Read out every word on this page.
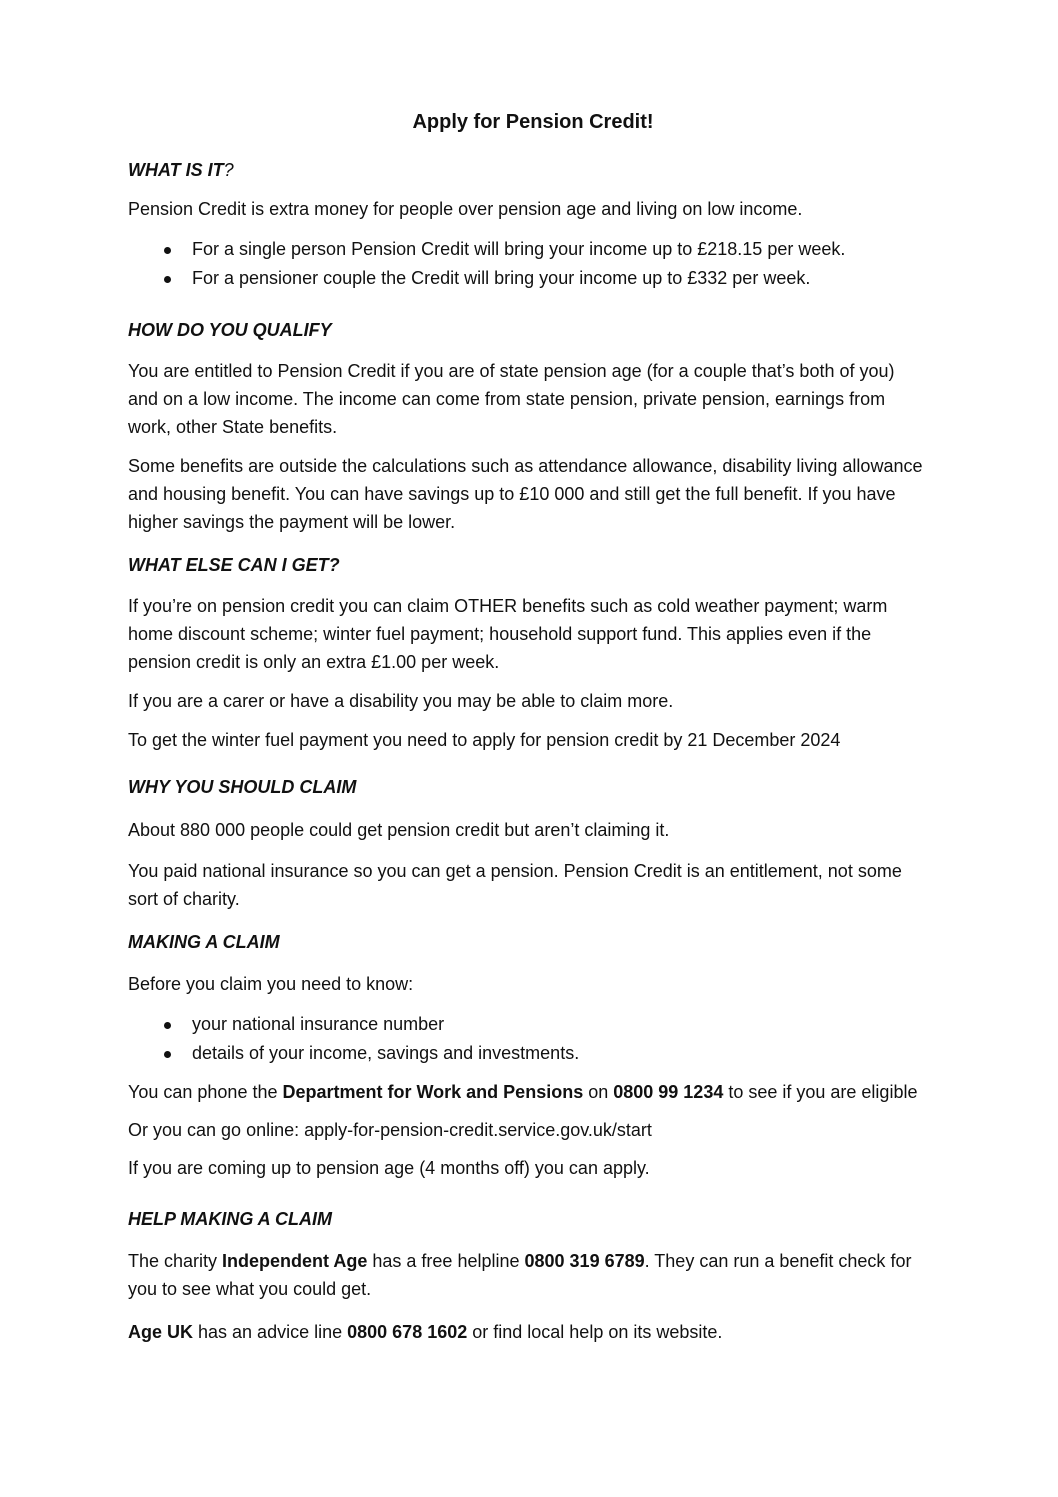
Apply for Pension Credit!
WHAT IS IT?

Pension Credit is extra money for people over pension age and living on low income.

For a single person Pension Credit will bring your income up to £218.15 per week.
For a pensioner couple the Credit will bring your income up to £332 per week.
HOW DO YOU QUALIFY

You are entitled to Pension Credit if you are of state pension age (for a couple that’s both of you) and on a low income. The income can come from state pension, private pension, earnings from work, other State benefits.

Some benefits are outside the calculations such as attendance allowance, disability living allowance and housing benefit. You can have savings up to £10 000 and still get the full benefit. If you have higher savings the payment will be lower.

WHAT ELSE CAN I GET?

If you’re on pension credit you can claim OTHER benefits such as cold weather payment; warm home discount scheme; winter fuel payment; household support fund. This applies even if the pension credit is only an extra £1.00 per week.

If you are a carer or have a disability you may be able to claim more.

To get the winter fuel payment you need to apply for pension credit by 21 December 2024

WHY YOU SHOULD CLAIM

About 880 000 people could get pension credit but aren’t claiming it.

You paid national insurance so you can get a pension. Pension Credit is an entitlement, not some sort of charity.

MAKING A CLAIM

Before you claim you need to know:

your national insurance number
details of your income, savings and investments.

You can phone the Department for Work and Pensions on 0800 99 1234 to see if you are eligible

Or you can go online: apply-for-pension-credit.service.gov.uk/start

If you are coming up to pension age (4 months off) you can apply.

HELP MAKING A CLAIM

The charity Independent Age has a free helpline 0800 319 6789. They can run a benefit check for you to see what you could get.

Age UK has an advice line 0800 678 1602 or find local help on its website.
